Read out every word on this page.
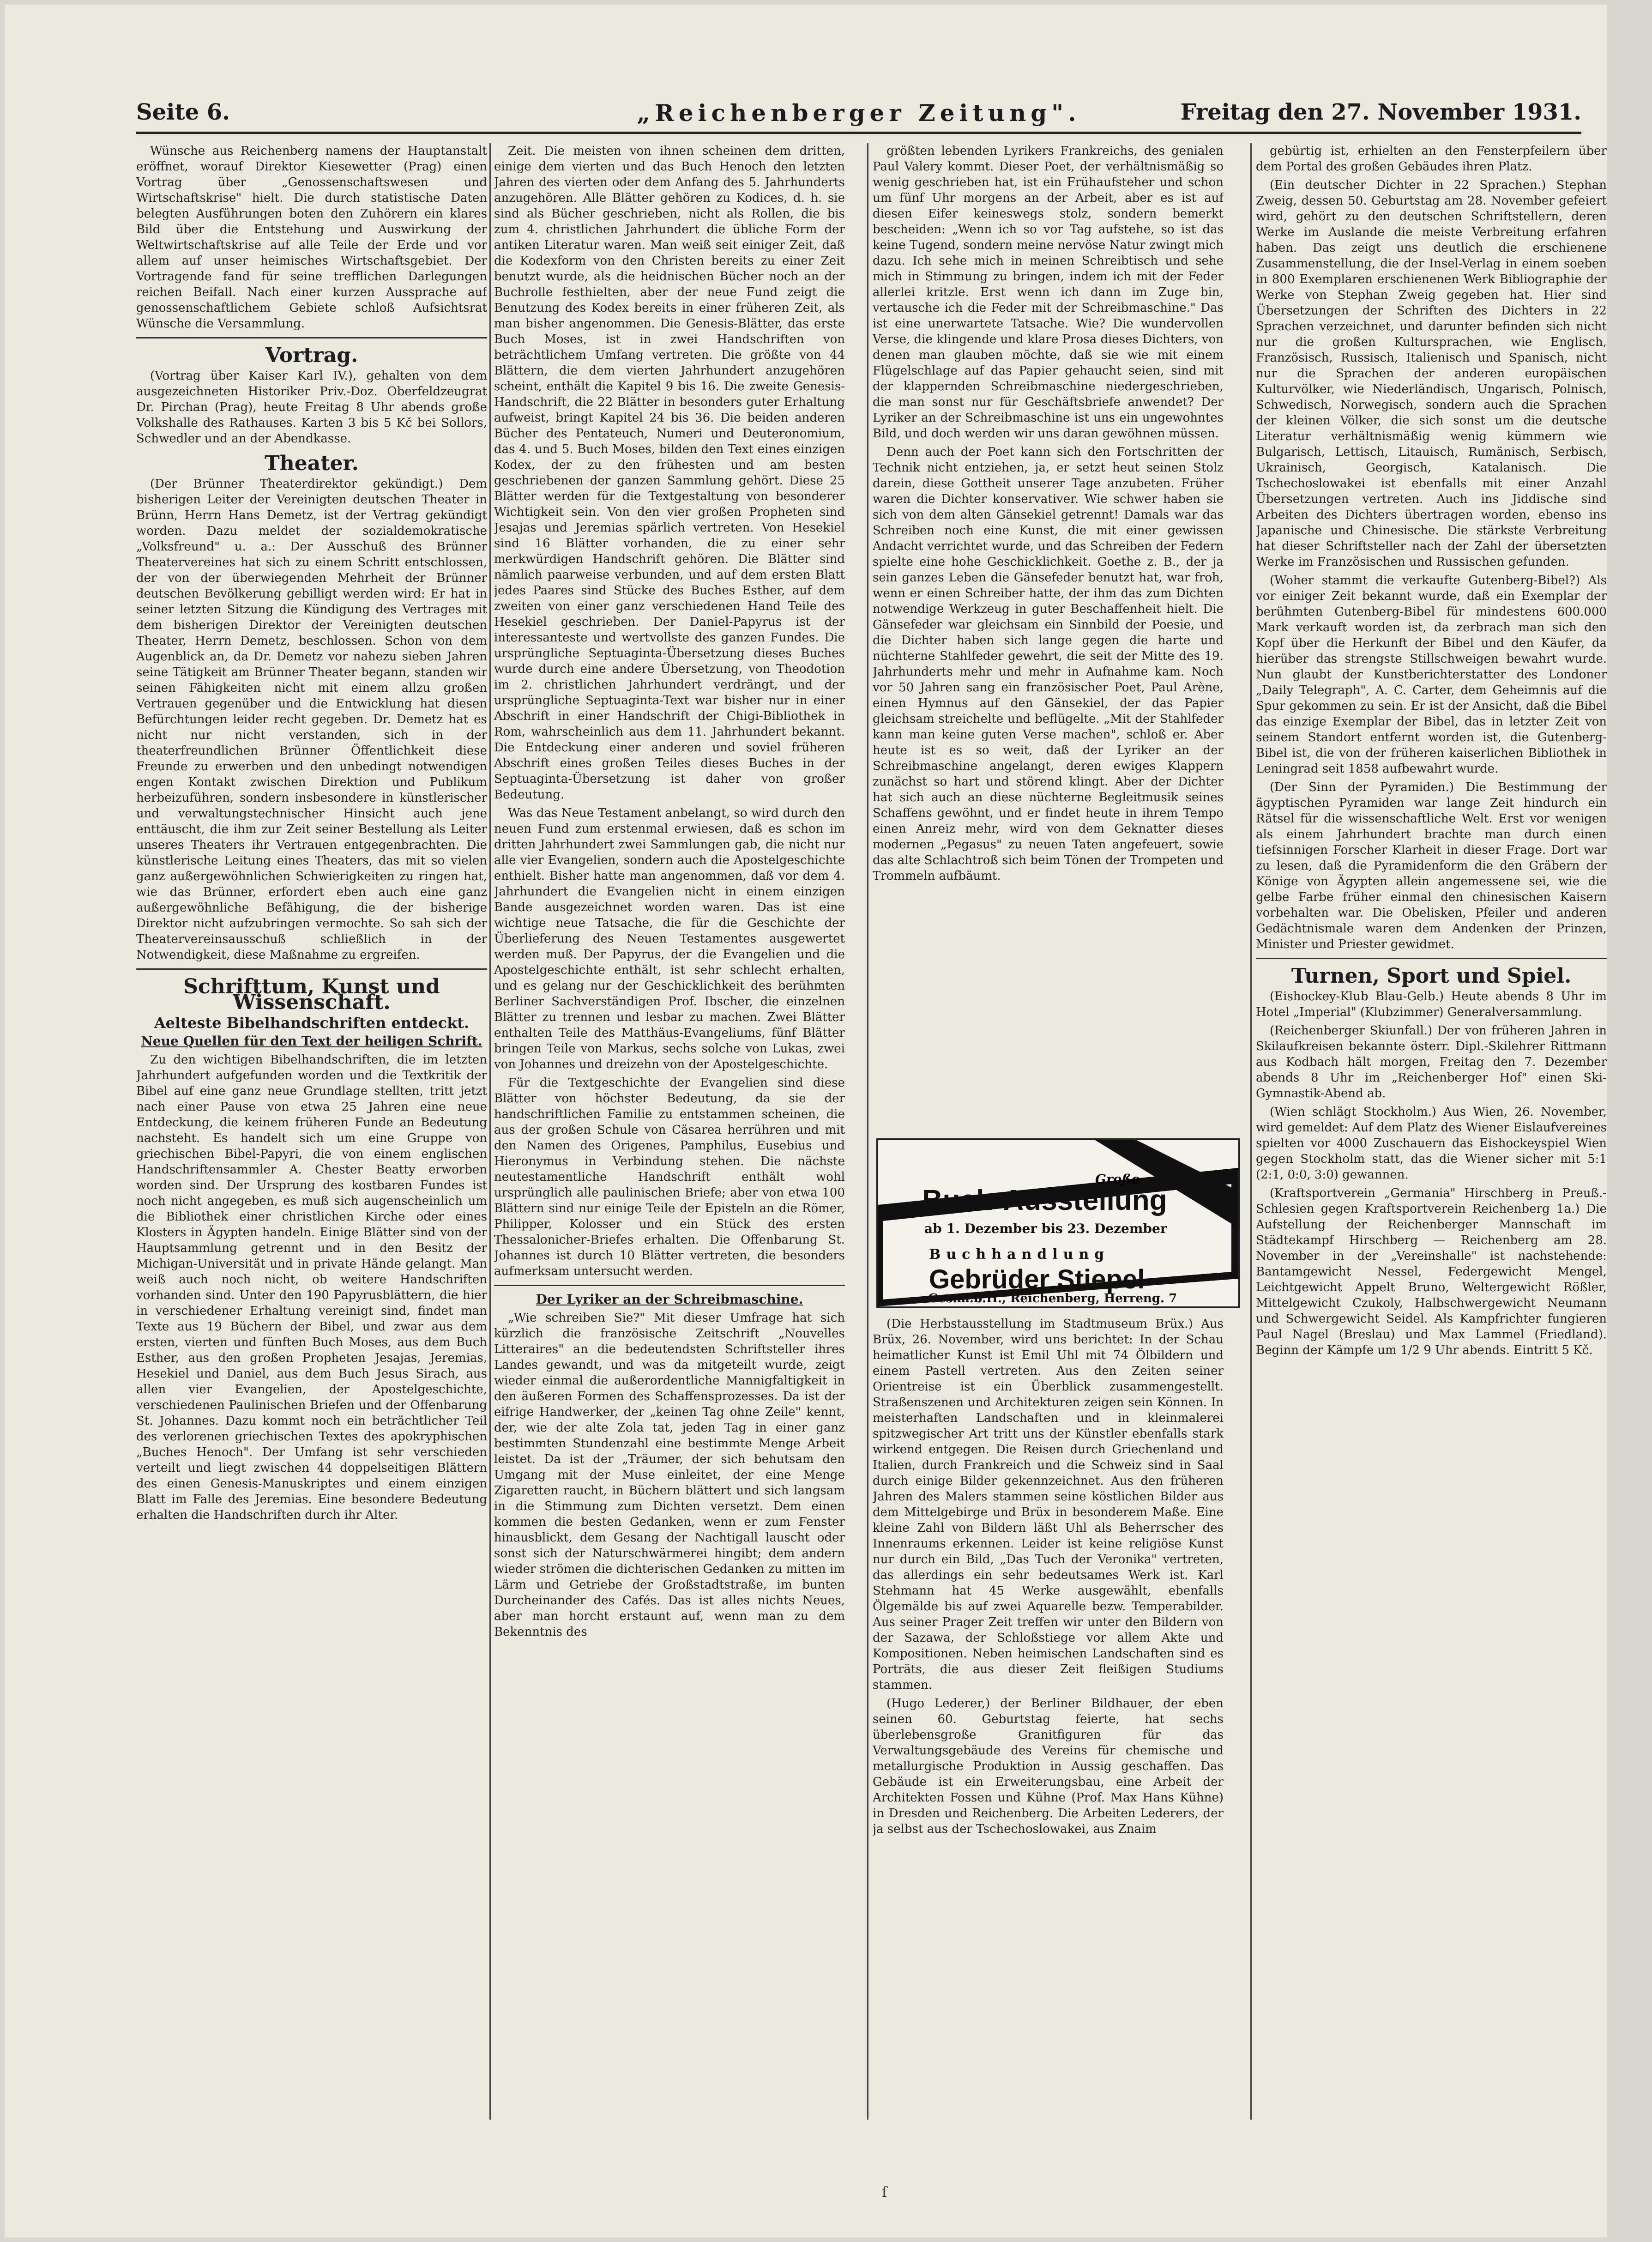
Seite 6.	„Reichenberger Zeitung".	Freitag den 27. November 1931.

Wünsche aus Reichenberg namens der Hauptanstalt eröffnet, worauf Direktor Kiesewetter (Prag) einen Vortrag über „Genossenschaftswesen und Wirtschaftskrise" hielt. Die durch statistische Daten belegten Ausführungen boten den Zuhörern ein klares Bild über die Entstehung und Auswirkung der Weltwirtschaftskrise auf alle Teile der Erde und vor allem auf unser heimisches Wirtschaftsgebiet. Der Vortragende fand für seine trefflichen Darlegungen reichen Beifall. Nach einer kurzen Aussprache auf genossenschaftlichem Gebiete schloß Aufsichtsrat Wünsche die Versammlung.

Vortrag.

(Vortrag über Kaiser Karl IV.), gehalten von dem ausgezeichneten Historiker Priv.-Doz. Oberfeldzeugrat Dr. Pirchan (Prag), heute Freitag 8 Uhr abends große Volkshalle des Rathauses. Karten 3 bis 5 Kč bei Sollors, Schwedler und an der Abendkasse.

Theater.

(Der Brünner Theaterdirektor gekündigt.) Dem bisherigen Leiter der Vereinigten deutschen Theater in Brünn, Herrn Hans Demetz, ist der Vertrag gekündigt worden. Dazu meldet der sozialdemokratische „Volksfreund" u. a.: Der Ausschuß des Brünner Theatervereines hat sich zu einem Schritt entschlossen, der von der überwiegenden Mehrheit der Brünner deutschen Bevölkerung gebilligt werden wird: Er hat in seiner letzten Sitzung die Kündigung des Vertrages mit dem bisherigen Direktor der Vereinigten deutschen Theater, Herrn Demetz, beschlossen. Schon von dem Augenblick an, da Dr. Demetz vor nahezu sieben Jahren seine Tätigkeit am Brünner Theater begann, standen wir seinen Fähigkeiten nicht mit einem allzu großen Vertrauen gegenüber und die Entwicklung hat diesen Befürchtungen leider recht gegeben. Dr. Demetz hat es nicht nur nicht verstanden, sich in der theaterfreundlichen Brünner Öffentlichkeit diese Freunde zu erwerben und den unbedingt notwendigen engen Kontakt zwischen Direktion und Publikum herbeizuführen, sondern insbesondere in künstlerischer und verwaltungstechnischer Hinsicht auch jene enttäuscht, die ihm zur Zeit seiner Bestellung als Leiter unseres Theaters ihr Vertrauen entgegenbrachten. Die künstlerische Leitung eines Theaters, das mit so vielen ganz außergewöhnlichen Schwierigkeiten zu ringen hat, wie das Brünner, erfordert eben auch eine ganz außergewöhnliche Befähigung, die der bisherige Direktor nicht aufzubringen vermochte. So sah sich der Theatervereinsausschuß schließlich in der Notwendigkeit, diese Maßnahme zu ergreifen.

Schrifttum, Kunst und Wissenschaft.
Aelteste Bibelhandschriften entdeckt.
Neue Quellen für den Text der heiligen Schrift.

Zu den wichtigen Bibelhandschriften, die im letzten Jahrhundert aufgefunden worden und die Textkritik der Bibel auf eine ganz neue Grundlage stellten, tritt jetzt nach einer Pause von etwa 25 Jahren eine neue Entdeckung, die keinem früheren Funde an Bedeutung nachsteht. Es handelt sich um eine Gruppe von griechischen Bibel-Papyri, die von einem englischen Handschriftensammler A. Chester Beatty erworben worden sind. Der Ursprung des kostbaren Fundes ist noch nicht angegeben, es muß sich augenscheinlich um die Bibliothek einer christlichen Kirche oder eines Klosters in Ägypten handeln. Einige Blätter sind von der Hauptsammlung getrennt und in den Besitz der Michigan-Universität und in private Hände gelangt. Man weiß auch noch nicht, ob weitere Handschriften vorhanden sind. Unter den 190 Papyrusblättern, die hier in verschiedener Erhaltung vereinigt sind, findet man Texte aus 19 Büchern der Bibel, und zwar aus dem ersten, vierten und fünften Buch Moses, aus dem Buch Esther, aus den großen Propheten Jesajas, Jeremias, Hesekiel und Daniel, aus dem Buch Jesus Sirach, aus allen vier Evangelien, der Apostelgeschichte, verschiedenen Paulinischen Briefen und der Offenbarung St. Johannes. Dazu kommt noch ein beträchtlicher Teil des verlorenen griechischen Textes des apokryphischen „Buches Henoch". Der Umfang ist sehr verschieden verteilt und liegt zwischen 44 doppelseitigen Blättern des einen Genesis-Manuskriptes und einem einzigen Blatt im Falle des Jeremias. Eine besondere Bedeutung erhalten die Handschriften durch ihr Alter.

Zeit. Die meisten von ihnen scheinen dem dritten, einige dem vierten und das Buch Henoch den letzten Jahren des vierten oder dem Anfang des 5. Jahrhunderts anzugehören. Alle Blätter gehören zu Kodices, d. h. sie sind als Bücher geschrieben, nicht als Rollen, die bis zum 4. christlichen Jahrhundert die übliche Form der antiken Literatur waren. Man weiß seit einiger Zeit, daß die Kodexform von den Christen bereits zu einer Zeit benutzt wurde, als die heidnischen Bücher noch an der Buchrolle festhielten, aber der neue Fund zeigt die Benutzung des Kodex bereits in einer früheren Zeit, als man bisher angenommen. Die Genesis-Blätter, das erste Buch Moses, ist in zwei Handschriften von beträchtlichem Umfang vertreten. Die größte von 44 Blättern, die dem vierten Jahrhundert anzugehören scheint, enthält die Kapitel 9 bis 16. Die zweite Genesis-Handschrift, die 22 Blätter in besonders guter Erhaltung aufweist, bringt Kapitel 24 bis 36. Die beiden anderen Bücher des Pentateuch, Numeri und Deuteronomium, das 4. und 5. Buch Moses, bilden den Text eines einzigen Kodex, der zu den frühesten und am besten geschriebenen der ganzen Sammlung gehört. Diese 25 Blätter werden für die Textgestaltung von besonderer Wichtigkeit sein. Von den vier großen Propheten sind Jesajas und Jeremias spärlich vertreten. Von Hesekiel sind 16 Blätter vorhanden, die zu einer sehr merkwürdigen Handschrift gehören. Die Blätter sind nämlich paarweise verbunden, und auf dem ersten Blatt jedes Paares sind Stücke des Buches Esther, auf dem zweiten von einer ganz verschiedenen Hand Teile des Hesekiel geschrieben. Der Daniel-Papyrus ist der interessanteste und wertvollste des ganzen Fundes. Die ursprüngliche Septuaginta-Übersetzung dieses Buches wurde durch eine andere Übersetzung, von Theodotion im 2. christlichen Jahrhundert verdrängt, und der ursprüngliche Septuaginta-Text war bisher nur in einer Abschrift in einer Handschrift der Chigi-Bibliothek in Rom, wahrscheinlich aus dem 11. Jahrhundert bekannt. Die Entdeckung einer anderen und soviel früheren Abschrift eines großen Teiles dieses Buches in der Septuaginta-Übersetzung ist daher von großer Bedeutung.

Was das Neue Testament anbelangt, so wird durch den neuen Fund zum erstenmal erwiesen, daß es schon im dritten Jahrhundert zwei Sammlungen gab, die nicht nur alle vier Evangelien, sondern auch die Apostelgeschichte enthielt. Bisher hatte man angenommen, daß vor dem 4. Jahrhundert die Evangelien nicht in einem einzigen Bande ausgezeichnet worden waren. Das ist eine wichtige neue Tatsache, die für die Geschichte der Überlieferung des Neuen Testamentes ausgewertet werden muß. Der Papyrus, der die Evangelien und die Apostelgeschichte enthält, ist sehr schlecht erhalten, und es gelang nur der Geschicklichkeit des berühmten Berliner Sachverständigen Prof. Ibscher, die einzelnen Blätter zu trennen und lesbar zu machen. Zwei Blätter enthalten Teile des Matthäus-Evangeliums, fünf Blätter bringen Teile von Markus, sechs solche von Lukas, zwei von Johannes und dreizehn von der Apostelgeschichte.

Für die Textgeschichte der Evangelien sind diese Blätter von höchster Bedeutung, da sie der handschriftlichen Familie zu entstammen scheinen, die aus der großen Schule von Cäsarea herrühren und mit den Namen des Origenes, Pamphilus, Eusebius und Hieronymus in Verbindung stehen. Die nächste neutestamentliche Handschrift enthält wohl ursprünglich alle paulinischen Briefe; aber von etwa 100 Blättern sind nur einige Teile der Episteln an die Römer, Philipper, Kolosser und ein Stück des ersten Thessalonicher-Briefes erhalten. Die Offenbarung St. Johannes ist durch 10 Blätter vertreten, die besonders aufmerksam untersucht werden.

Der Lyriker an der Schreibmaschine.

„Wie schreiben Sie?" Mit dieser Umfrage hat sich kürzlich die französische Zeitschrift „Nouvelles Litteraires" an die bedeutendsten Schriftsteller ihres Landes gewandt, und was da mitgeteilt wurde, zeigt wieder einmal die außerordentliche Mannigfaltigkeit in den äußeren Formen des Schaffensprozesses. Da ist der eifrige Handwerker, der „keinen Tag ohne Zeile" kennt, der, wie der alte Zola tat, jeden Tag in einer ganz bestimmten Stundenzahl eine bestimmte Menge Arbeit leistet. Da ist der „Träumer, der sich behutsam den Umgang mit der Muse einleitet, der eine Menge Zigaretten raucht, in Büchern blättert und sich langsam in die Stimmung zum Dichten versetzt. Dem einen kommen die besten Gedanken, wenn er zum Fenster hinausblickt, dem Gesang der Nachtigall lauscht oder sonst sich der Naturschwärmerei hingibt; dem andern wieder strömen die dichterischen Gedanken zu mitten im Lärm und Getriebe der Großstadtstraße, im bunten Durcheinander des Cafés. Das ist alles nichts Neues, aber man horcht erstaunt auf, wenn man zu dem Bekenntnis des

größten lebenden Lyrikers Frankreichs, des genialen Paul Valery kommt. Dieser Poet, der verhältnismäßig so wenig geschrieben hat, ist ein Frühaufsteher und schon um fünf Uhr morgens an der Arbeit, aber es ist auf diesen Eifer keineswegs stolz, sondern bemerkt bescheiden: „Wenn ich so vor Tag aufstehe, so ist das keine Tugend, sondern meine nervöse Natur zwingt mich dazu. Ich sehe mich in meinen Schreibtisch und sehe mich in Stimmung zu bringen, indem ich mit der Feder allerlei kritzle. Erst wenn ich dann im Zuge bin, vertausche ich die Feder mit der Schreibmaschine." Das ist eine unerwartete Tatsache. Wie? Die wundervollen Verse, die klingende und klare Prosa dieses Dichters, von denen man glauben möchte, daß sie wie mit einem Flügelschlage auf das Papier gehaucht seien, sind mit der klappernden Schreibmaschine niedergeschrieben, die man sonst nur für Geschäftsbriefe anwendet? Der Lyriker an der Schreibmaschine ist uns ein ungewohntes Bild, und doch werden wir uns daran gewöhnen müssen.

Denn auch der Poet kann sich den Fortschritten der Technik nicht entziehen, ja, er setzt heut seinen Stolz darein, diese Gottheit unserer Tage anzubeten. Früher waren die Dichter konservativer. Wie schwer haben sie sich von dem alten Gänsekiel getrennt! Damals war das Schreiben noch eine Kunst, die mit einer gewissen Andacht verrichtet wurde, und das Schreiben der Federn spielte eine hohe Geschicklichkeit. Goethe z. B., der ja sein ganzes Leben die Gänsefeder benutzt hat, war froh, wenn er einen Schreiber hatte, der ihm das zum Dichten notwendige Werkzeug in guter Beschaffenheit hielt. Die Gänsefeder war gleichsam ein Sinnbild der Poesie, und die Dichter haben sich lange gegen die harte und nüchterne Stahlfeder gewehrt, die seit der Mitte des 19. Jahrhunderts mehr und mehr in Aufnahme kam. Noch vor 50 Jahren sang ein französischer Poet, Paul Arène, einen Hymnus auf den Gänsekiel, der das Papier gleichsam streichelte und beflügelte. „Mit der Stahlfeder kann man keine guten Verse machen", schloß er. Aber heute ist es so weit, daß der Lyriker an der Schreibmaschine angelangt, deren ewiges Klappern zunächst so hart und störend klingt. Aber der Dichter hat sich auch an diese nüchterne Begleitmusik seines Schaffens gewöhnt, und er findet heute in ihrem Tempo einen Anreiz mehr, wird von dem Geknatter dieses modernen „Pegasus" zu neuen Taten angefeuert, sowie das alte Schlachtroß sich beim Tönen der Trompeten und Trommeln aufbäumt.

Große
Buch-Ausstellung
ab 1. Dezember bis 23. Dezember
Buchhandlung
Gebrüder Stiepel
Ges.m.b.H., Reichenberg, Herreng. 7

(Die Herbstausstellung im Stadtmuseum Brüx.) Aus Brüx, 26. November, wird uns berichtet: In der Schau heimatlicher Kunst ist Emil Uhl mit 74 Ölbildern und einem Pastell vertreten. Aus den Zeiten seiner Orientreise ist ein Überblick zusammengestellt. Straßenszenen und Architekturen zeigen sein Können. In meisterhaften Landschaften und in kleinmalerei spitzwegischer Art tritt uns der Künstler ebenfalls stark wirkend entgegen. Die Reisen durch Griechenland und Italien, durch Frankreich und die Schweiz sind in Saal durch einige Bilder gekennzeichnet. Aus den früheren Jahren des Malers stammen seine köstlichen Bilder aus dem Mittelgebirge und Brüx in besonderem Maße. Eine kleine Zahl von Bildern läßt Uhl als Beherrscher des Innenraums erkennen. Leider ist keine religiöse Kunst nur durch ein Bild, „Das Tuch der Veronika" vertreten, das allerdings ein sehr bedeutsames Werk ist. Karl Stehmann hat 45 Werke ausgewählt, ebenfalls Ölgemälde bis auf zwei Aquarelle bezw. Temperabilder. Aus seiner Prager Zeit treffen wir unter den Bildern von der Sazawa, der Schloßstiege vor allem Akte und Kompositionen. Neben heimischen Landschaften sind es Porträts, die aus dieser Zeit fleißigen Studiums stammen.

(Hugo Lederer,) der Berliner Bildhauer, der eben seinen 60. Geburtstag feierte, hat sechs überlebensgroße Granitfiguren für das Verwaltungsgebäude des Vereins für chemische und metallurgische Produktion in Aussig geschaffen. Das Gebäude ist ein Erweiterungsbau, eine Arbeit der Architekten Fossen und Kühne (Prof. Max Hans Kühne) in Dresden und Reichenberg. Die Arbeiten Lederers, der ja selbst aus der Tschechoslowakei, aus Znaim

gebürtig ist, erhielten an den Fensterpfeilern über dem Portal des großen Gebäudes ihren Platz.

(Ein deutscher Dichter in 22 Sprachen.) Stephan Zweig, dessen 50. Geburtstag am 28. November gefeiert wird, gehört zu den deutschen Schriftstellern, deren Werke im Auslande die meiste Verbreitung erfahren haben. Das zeigt uns deutlich die erschienene Zusammenstellung, die der Insel-Verlag in einem soeben in 800 Exemplaren erschienenen Werk Bibliographie der Werke von Stephan Zweig gegeben hat. Hier sind Übersetzungen der Schriften des Dichters in 22 Sprachen verzeichnet, und darunter befinden sich nicht nur die großen Kultursprachen, wie Englisch, Französisch, Russisch, Italienisch und Spanisch, nicht nur die Sprachen der anderen europäischen Kulturvölker, wie Niederländisch, Ungarisch, Polnisch, Schwedisch, Norwegisch, sondern auch die Sprachen der kleinen Völker, die sich sonst um die deutsche Literatur verhältnismäßig wenig kümmern wie Bulgarisch, Lettisch, Litauisch, Rumänisch, Serbisch, Ukrainisch, Georgisch, Katalanisch. Die Tschechoslowakei ist ebenfalls mit einer Anzahl Übersetzungen vertreten. Auch ins Jiddische sind Arbeiten des Dichters übertragen worden, ebenso ins Japanische und Chinesische. Die stärkste Verbreitung hat dieser Schriftsteller nach der Zahl der übersetzten Werke im Französischen und Russischen gefunden.

(Woher stammt die verkaufte Gutenberg-Bibel?) Als vor einiger Zeit bekannt wurde, daß ein Exemplar der berühmten Gutenberg-Bibel für mindestens 600.000 Mark verkauft worden ist, da zerbrach man sich den Kopf über die Herkunft der Bibel und den Käufer, da hierüber das strengste Stillschweigen bewahrt wurde. Nun glaubt der Kunstberichterstatter des Londoner „Daily Telegraph", A. C. Carter, dem Geheimnis auf die Spur gekommen zu sein. Er ist der Ansicht, daß die Bibel das einzige Exemplar der Bibel, das in letzter Zeit von seinem Standort entfernt worden ist, die Gutenberg-Bibel ist, die von der früheren kaiserlichen Bibliothek in Leningrad seit 1858 aufbewahrt wurde.

(Der Sinn der Pyramiden.) Die Bestimmung der ägyptischen Pyramiden war lange Zeit hindurch ein Rätsel für die wissenschaftliche Welt. Erst vor wenigen als einem Jahrhundert brachte man durch einen tiefsinnigen Forscher Klarheit in dieser Frage. Dort war zu lesen, daß die Pyramidenform die den Gräbern der Könige von Ägypten allein angemessene sei, wie die gelbe Farbe früher einmal den chinesischen Kaisern vorbehalten war. Die Obelisken, Pfeiler und anderen Gedächtnismale waren dem Andenken der Prinzen, Minister und Priester gewidmet.

Turnen, Sport und Spiel.

(Eishockey-Klub Blau-Gelb.) Heute abends 8 Uhr im Hotel „Imperial" (Klubzimmer) Generalversammlung.

(Reichenberger Skiunfall.) Der von früheren Jahren in Skilaufkreisen bekannte österr. Dipl.-Skilehrer Rittmann aus Kodbach hält morgen, Freitag den 7. Dezember abends 8 Uhr im „Reichenberger Hof" einen Ski-Gymnastik-Abend ab.

(Wien schlägt Stockholm.) Aus Wien, 26. November, wird gemeldet: Auf dem Platz des Wiener Eislaufvereines spielten vor 4000 Zuschauern das Eishockeyspiel Wien gegen Stockholm statt, das die Wiener sicher mit 5:1 (2:1, 0:0, 3:0) gewannen.

(Kraftsportverein „Germania" Hirschberg in Preuß.-Schlesien gegen Kraftsportverein Reichenberg 1a.) Die Aufstellung der Reichenberger Mannschaft im Städtekampf Hirschberg — Reichenberg am 28. November in der „Vereinshalle" ist nachstehende: Bantamgewicht Nessel, Federgewicht Mengel, Leichtgewicht Appelt Bruno, Weltergewicht Rößler, Mittelgewicht Czukoly, Halbschwergewicht Neumann und Schwergewicht Seidel. Als Kampfrichter fungieren Paul Nagel (Breslau) und Max Lammel (Friedland). Beginn der Kämpfe um 1/2 9 Uhr abends. Eintritt 5 Kč.

ſ
